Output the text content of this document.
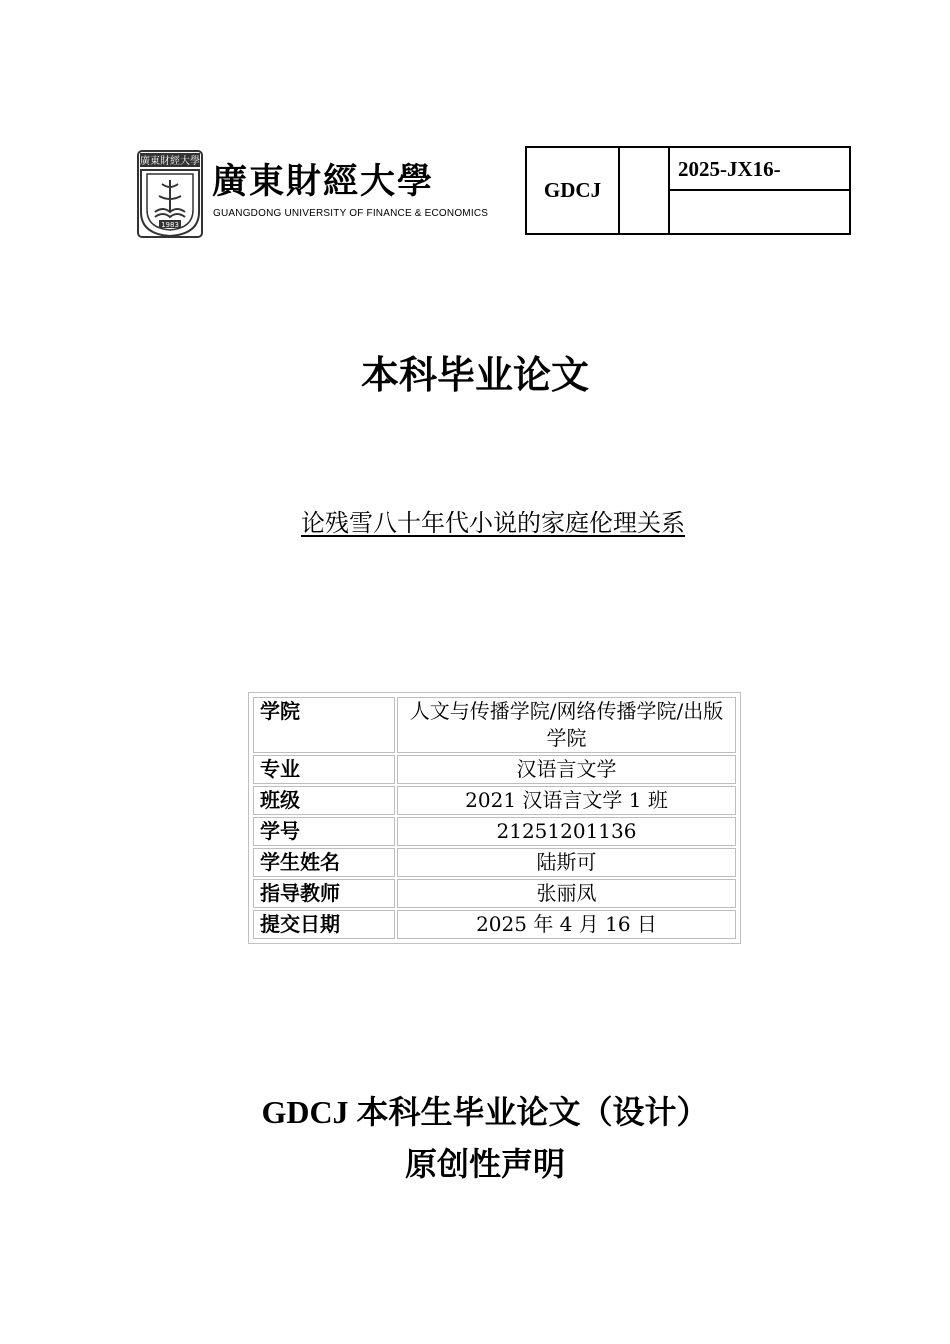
廣東財經大學
1983
廣東財經大學
GUANGDONG UNIVERSITY OF FINANCE & ECONOMICS
GDCJ
2025-JX16-
本科毕业论文
论残雪八十年代小说的家庭伦理关系
学院	人文与传播学院/网络传播学院/出版学院
专业	汉语言文学
班级	2021 汉语言文学 1 班
学号	21251201136
学生姓名	陆斯可
指导教师	张丽凤
提交日期	2025 年 4 月 16 日
GDCJ 本科生毕业论文（设计）
原创性声明
